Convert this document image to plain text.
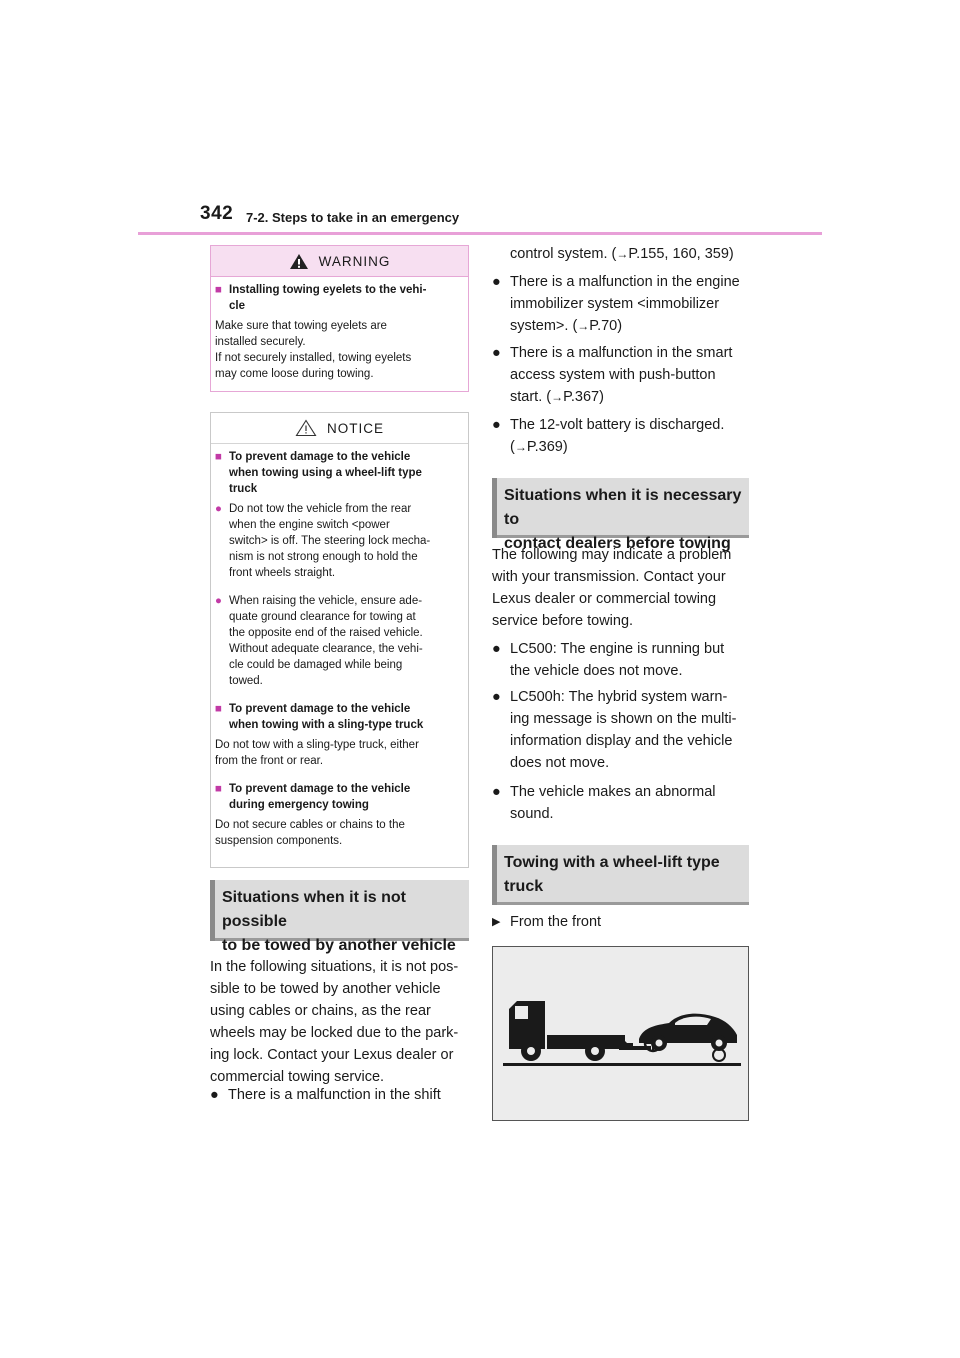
342 7-2. Steps to take in an emergency
WARNING
■ Installing towing eyelets to the vehi-
cle
Make sure that towing eyelets are
installed securely.
If not securely installed, towing eyelets
may come loose during towing.
NOTICE
■ To prevent damage to the vehicle
when towing using a wheel-lift type
truck
● Do not tow the vehicle from the rear
when the engine switch <power
switch> is off. The steering lock mecha-
nism is not strong enough to hold the
front wheels straight.
● When raising the vehicle, ensure ade-
quate ground clearance for towing at
the opposite end of the raised vehicle.
Without adequate clearance, the vehi-
cle could be damaged while being
towed.
■ To prevent damage to the vehicle
when towing with a sling-type truck
Do not tow with a sling-type truck, either
from the front or rear.
■ To prevent damage to the vehicle
during emergency towing
Do not secure cables or chains to the
suspension components.
Situations when it is not possible
to be towed by another vehicle
In the following situations, it is not pos-
sible to be towed by another vehicle
using cables or chains, as the rear
wheels may be locked due to the park-
ing lock. Contact your Lexus dealer or
commercial towing service.
● There is a malfunction in the shift
control system. (→P.155, 160, 359)
● There is a malfunction in the engine
immobilizer system <immobilizer
system>. (→P.70)
● There is a malfunction in the smart
access system with push-button
start. (→P.367)
● The 12-volt battery is discharged.
(→P.369)
Situations when it is necessary to
contact dealers before towing
The following may indicate a problem
with your transmission. Contact your
Lexus dealer or commercial towing
service before towing.
● LC500: The engine is running but
the vehicle does not move.
● LC500h: The hybrid system warn-
ing message is shown on the multi-
information display and the vehicle
does not move.
● The vehicle makes an abnormal
sound.
Towing with a wheel-lift type
truck
▶ From the front
